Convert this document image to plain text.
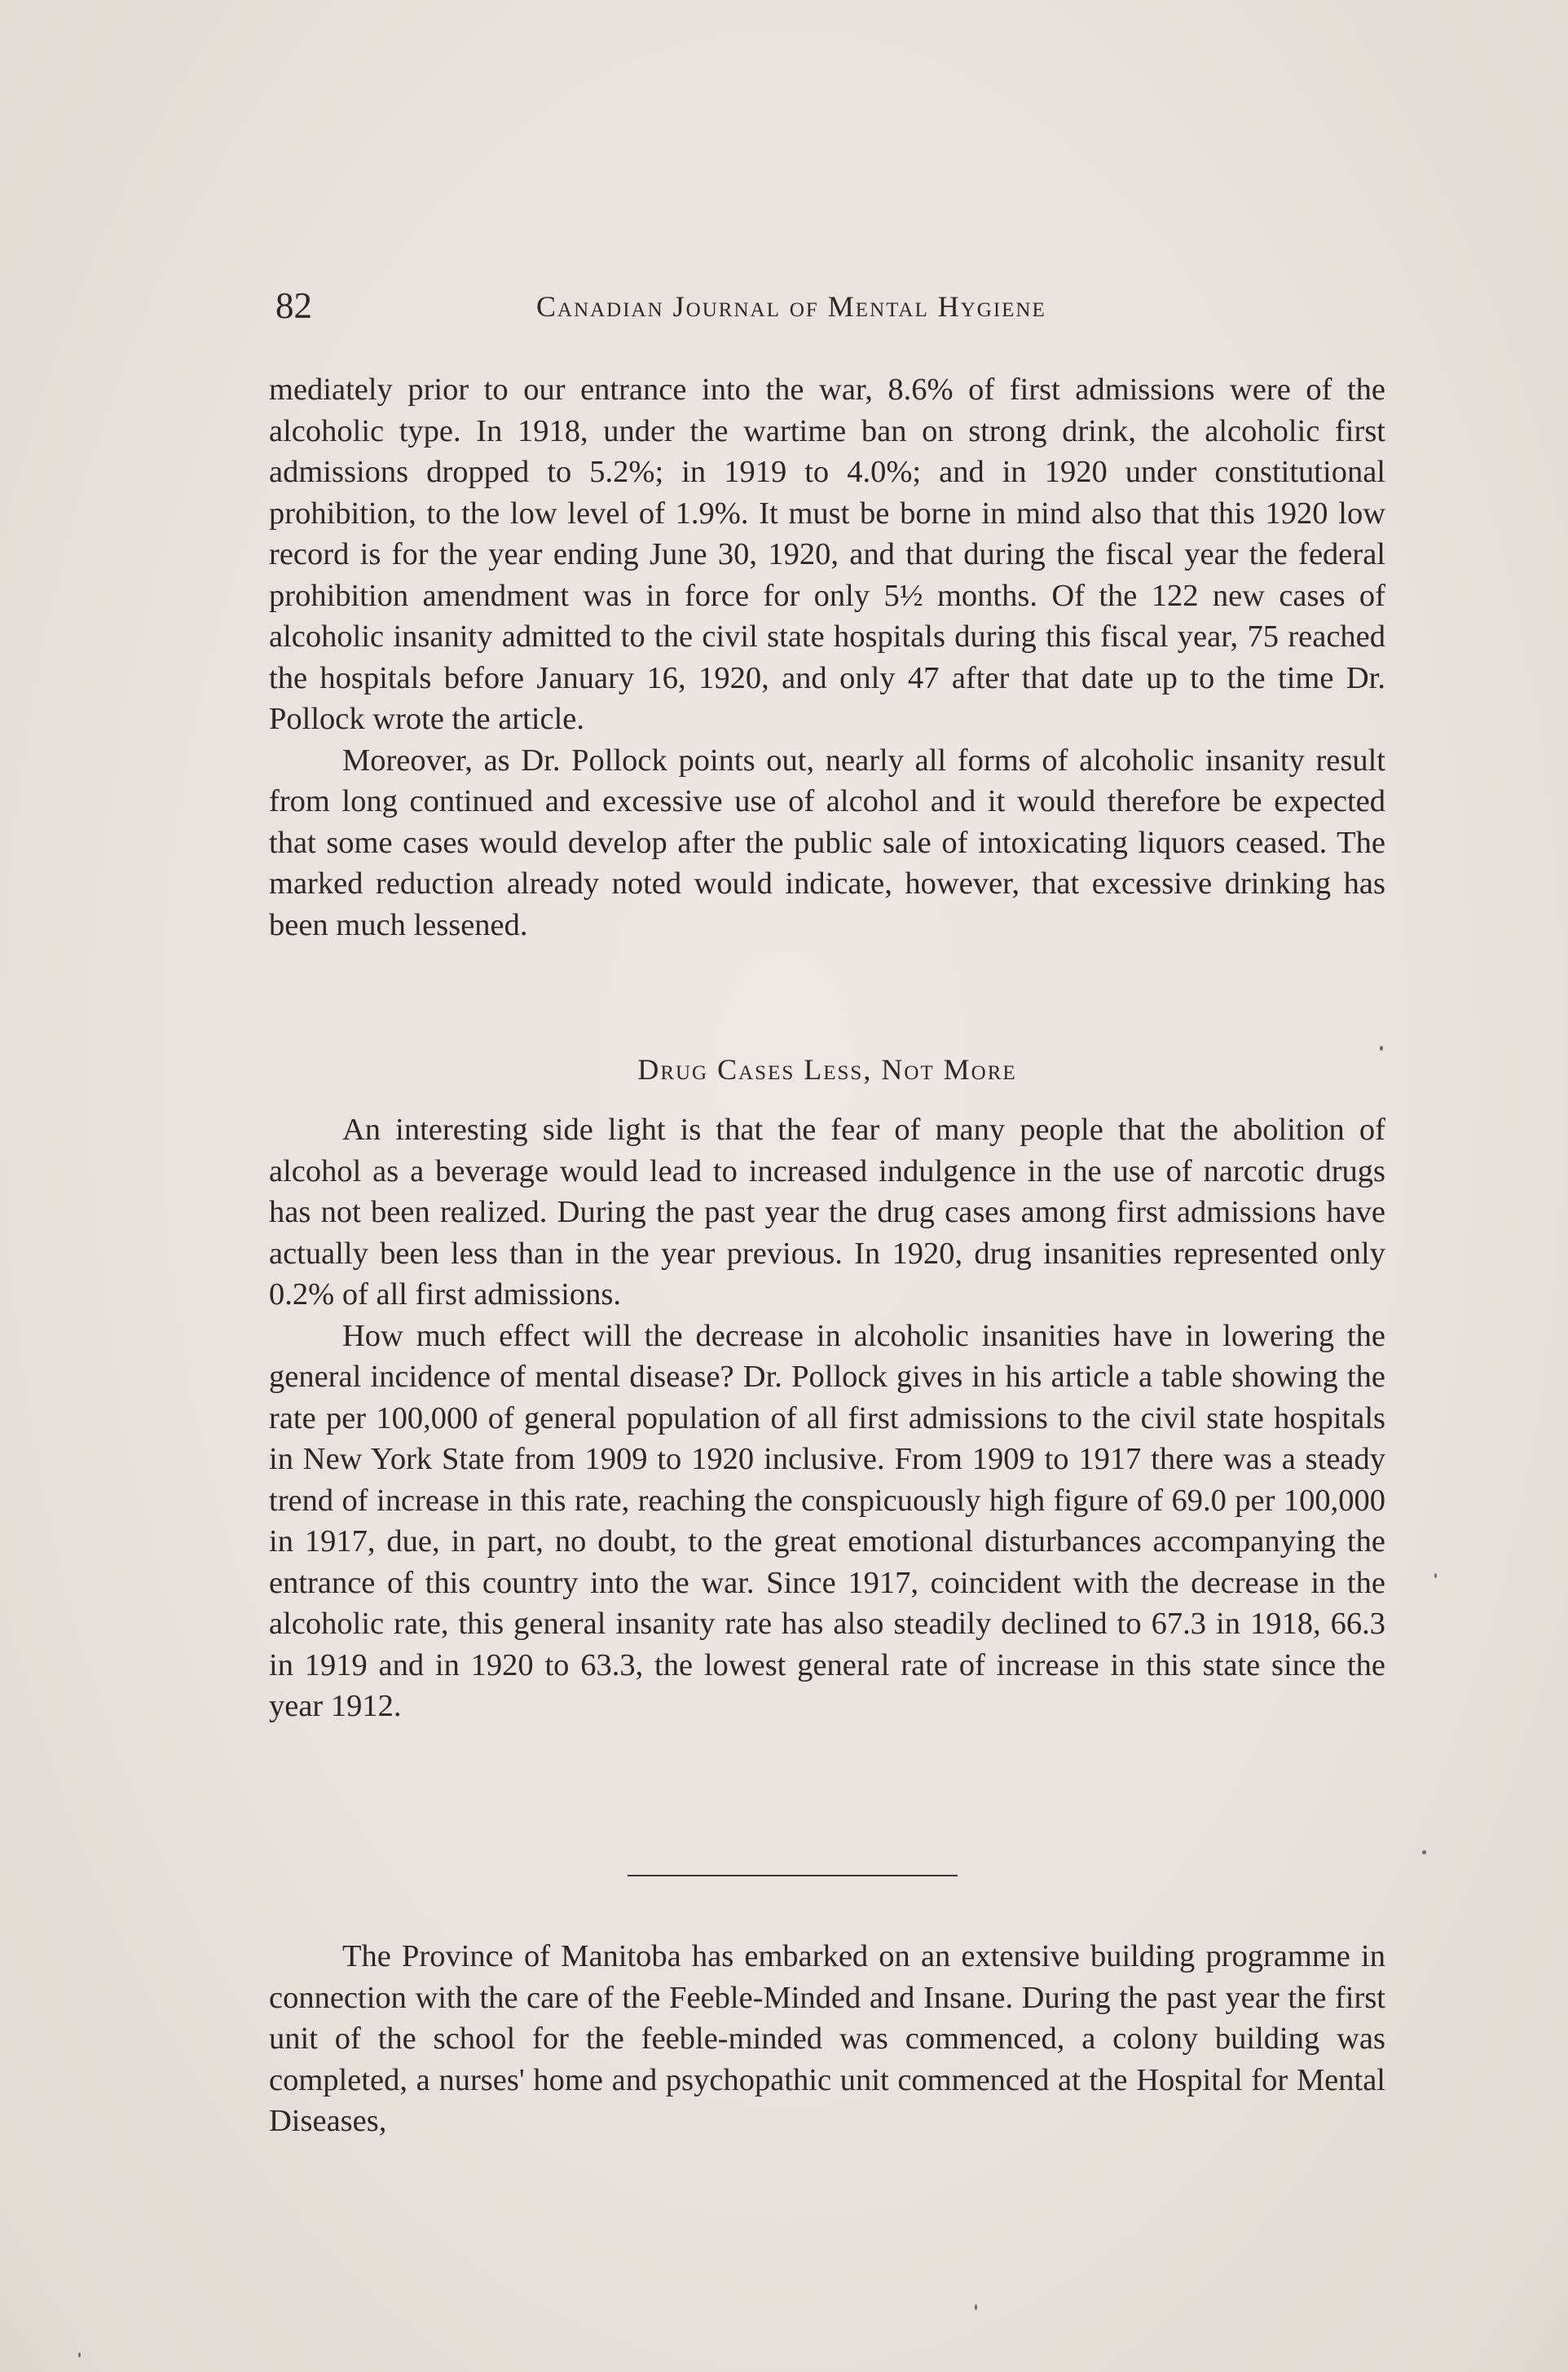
82	Canadian Journal of Mental Hygiene

mediately prior to our entrance into the war, 8.6% of first admissions were of the alcoholic type. In 1918, under the wartime ban on strong drink, the alcoholic first admissions dropped to 5.2%; in 1919 to 4.0%; and in 1920 under constitutional prohibition, to the low level of 1.9%. It must be borne in mind also that this 1920 low record is for the year ending June 30, 1920, and that during the fiscal year the federal prohibition amendment was in force for only 5½ months. Of the 122 new cases of alcoholic insanity admitted to the civil state hospitals during this fiscal year, 75 reached the hospitals before January 16, 1920, and only 47 after that date up to the time Dr. Pollock wrote the article.

Moreover, as Dr. Pollock points out, nearly all forms of alcoholic insanity result from long continued and excessive use of alcohol and it would therefore be expected that some cases would develop after the public sale of intoxicating liquors ceased. The marked reduction already noted would indicate, however, that excessive drinking has been much lessened.

Drug Cases Less, Not More

An interesting side light is that the fear of many people that the abolition of alcohol as a beverage would lead to increased indulgence in the use of narcotic drugs has not been realized. During the past year the drug cases among first admissions have actually been less than in the year previous. In 1920, drug insanities represented only 0.2% of all first admissions.

How much effect will the decrease in alcoholic insanities have in lowering the general incidence of mental disease? Dr. Pollock gives in his article a table showing the rate per 100,000 of general population of all first admissions to the civil state hospitals in New York State from 1909 to 1920 inclusive. From 1909 to 1917 there was a steady trend of increase in this rate, reaching the conspicuously high figure of 69.0 per 100,000 in 1917, due, in part, no doubt, to the great emotional disturbances accompanying the entrance of this country into the war. Since 1917, coincident with the decrease in the alcoholic rate, this general insanity rate has also steadily declined to 67.3 in 1918, 66.3 in 1919 and in 1920 to 63.3, the lowest general rate of increase in this state since the year 1912.

The Province of Manitoba has embarked on an extensive building programme in connection with the care of the Feeble-Minded and Insane. During the past year the first unit of the school for the feeble-minded was commenced, a colony building was completed, a nurses' home and psychopathic unit commenced at the Hospital for Mental Diseases,
